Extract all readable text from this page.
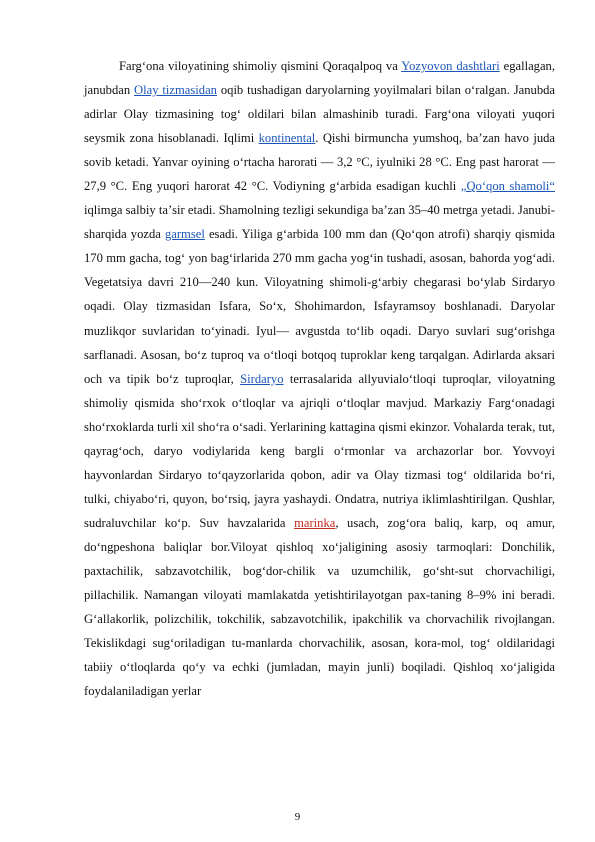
Fargʻona viloyatining shimoliy qismini Qoraqalpoq va Yozyovon dashtlari egallagan, janubdan Olay tizmasidan oqib tushadigan daryolarning yoyilmalari bilan oʻralgan. Janubda adirlar Olay tizmasining togʻ oldilari bilan almashinib turadi. Fargʻona viloyati yuqori seysmik zona hisoblanadi. Iqlimi kontinental. Qishi birmuncha yumshoq, baʼzan havo juda sovib ketadi. Yanvar oyining oʻrtacha harorati — 3,2 °C, iyulniki 28 °C. Eng past harorat — 27,9 °C. Eng yuqori harorat 42 °C. Vodiyning gʻarbida esadigan kuchli „Qoʻqon shamoli“ iqlimga salbiy taʼsir etadi. Shamolning tezligi sekundiga baʼzan 35–40 metrga yetadi. Janubi-sharqida yozda garmsel esadi. Yiliga gʻarbida 100 mm dan (Qoʻqon atrofi) sharqiy qismida 170 mm gacha, togʻ yon bagʻirlarida 270 mm gacha yogʻin tushadi, asosan, bahorda yogʻadi. Vegetatsiya davri 210—240 kun. Viloyatning shimoli-gʻarbiy chegarasi boʻylab Sirdaryo oqadi. Olay tizmasidan Isfara, Soʻx, Shohimardon, Isfayramsoy boshlanadi. Daryolar muzlikqor suvlaridan toʻyinadi. Iyul— avgustda toʻlib oqadi. Daryo suvlari sugʻorishga sarflanadi. Asosan, boʻz tuproq va oʻtloqi botqoq tuproklar keng tarqalgan. Adirlarda aksari och va tipik boʻz tuproqlar, Sirdaryo terrasalarida allyuvialoʻtloqi tuproqlar, viloyatning shimoliy qismida shoʻrxok oʻtloqlar va ajriqli oʻtloqlar mavjud. Markaziy Fargʻonadagi shoʻrxoklarda turli xil shoʻra oʻsadi. Yerlarining kattagina qismi ekinzor. Vohalarda terak, tut, qayragʻoch, daryo vodiylarida keng bargli oʻrmonlar va archazorlar bor. Yovvoyi hayvonlardan Sirdaryo toʻqayzorlarida qobon, adir va Olay tizmasi togʻ oldilarida boʻri, tulki, chiyaboʻri, quyon, boʻrsiq, jayra yashaydi. Ondatra, nutriya iklimlashtirilgan. Qushlar, sudraluvchilar koʻp. Suv havzalarida marinka, usach, zogʻora baliq, karp, oq amur, doʻngpeshona baliqlar bor.Viloyat qishloq xoʻjaligining asosiy tarmoqlari: Donchilik, paxtachilik, sabzavotchilik, bogʻdor-chilik va uzumchilik, goʻsht-sut chorvachiligi, pillachilik. Namangan viloyati mamlakatda yetishtirilayotgan pax-taning 8–9% ini beradi. Gʻallakorlik, polizchilik, tokchilik, sabzavotchilik, ipakchilik va chorvachilik rivojlangan. Tekislikdagi sugʻoriladigan tu-manlarda chorvachilik, asosan, kora-mol, togʻ oldilaridagi tabiiy oʻtloqlarda qoʻy va echki (jumladan, mayin junli) boqiladi. Qishloq xoʻjaligida foydalaniladigan yerlar

9
